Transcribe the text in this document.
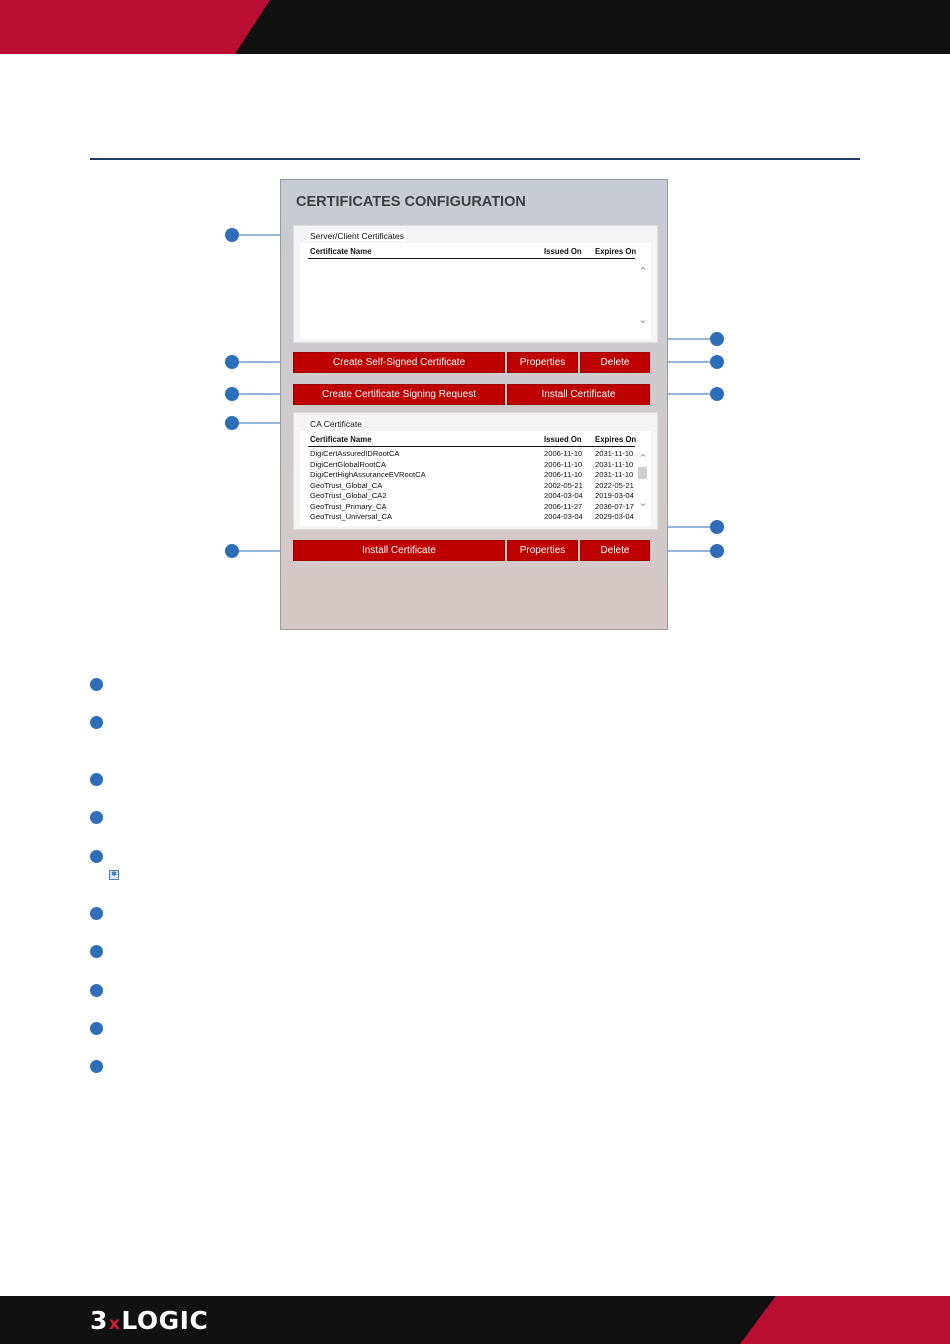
CERTIFICATES CONFIGURATION
Server/Client Certificates
Certificate Name	Issued On Expires On
⌃
⌄
Create Self-Signed Certificate	Properties	Delete
Create Certificate Signing Request	Install Certificate
CA Certificate
Certificate Name	Issued On Expires On
DigiCertAssuredIDRootCA	2006-11-10 2031-11-10
DigiCertGlobalRootCA	2006-11-10 2031-11-10
DigiCertHighAssuranceEVRootCA	2006-11-10 2031-11-10
GeoTrust_Global_CA	2002-05-21 2022-05-21
GeoTrust_Global_CA2	2004-03-04 2019-03-04
GeoTrust_Primary_CA	2006-11-27 2036-07-17
GeoTrust_Universal_CA	2004-03-04 2029-03-04
⌃
⌄
Install Certificate	Properties	Delete
✱
3 x LOGIC
